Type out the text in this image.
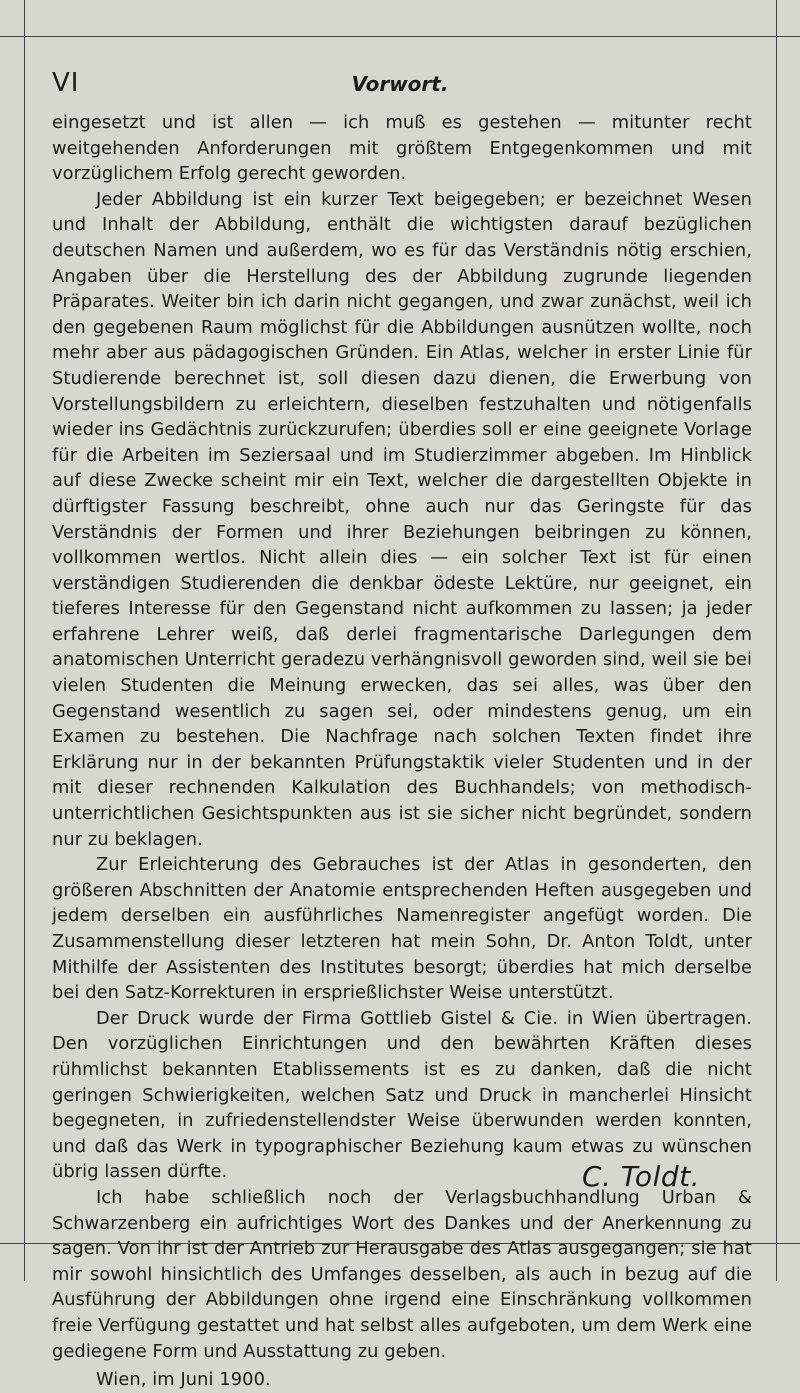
VI	Vorwort.

eingesetzt und ist allen — ich muß es gestehen — mitunter recht weitgehenden Anforderungen mit größtem Entgegenkommen und mit vorzüglichem Erfolg gerecht geworden.

Jeder Abbildung ist ein kurzer Text beigegeben; er bezeichnet Wesen und Inhalt der Abbildung, enthält die wichtigsten darauf bezüglichen deutschen Namen und außerdem, wo es für das Verständnis nötig erschien, Angaben über die Herstellung des der Abbildung zugrunde liegenden Präparates. Weiter bin ich darin nicht gegangen, und zwar zunächst, weil ich den gegebenen Raum möglichst für die Abbildungen ausnützen wollte, noch mehr aber aus pädagogischen Gründen. Ein Atlas, welcher in erster Linie für Studierende berechnet ist, soll diesen dazu dienen, die Erwerbung von Vorstellungsbildern zu erleichtern, dieselben festzuhalten und nötigenfalls wieder ins Gedächtnis zurückzurufen; überdies soll er eine geeignete Vorlage für die Arbeiten im Seziersaal und im Studierzimmer abgeben. Im Hinblick auf diese Zwecke scheint mir ein Text, welcher die dargestellten Objekte in dürftigster Fassung beschreibt, ohne auch nur das Geringste für das Verständnis der Formen und ihrer Beziehungen beibringen zu können, vollkommen wertlos. Nicht allein dies — ein solcher Text ist für einen verständigen Studierenden die denkbar ödeste Lektüre, nur geeignet, ein tieferes Interesse für den Gegenstand nicht aufkommen zu lassen; ja jeder erfahrene Lehrer weiß, daß derlei fragmentarische Darlegungen dem anatomischen Unterricht geradezu verhängnisvoll geworden sind, weil sie bei vielen Studenten die Meinung erwecken, das sei alles, was über den Gegenstand wesentlich zu sagen sei, oder mindestens genug, um ein Examen zu bestehen. Die Nachfrage nach solchen Texten findet ihre Erklärung nur in der bekannten Prüfungstaktik vieler Studenten und in der mit dieser rechnenden Kalkulation des Buchhandels; von methodisch-unterrichtlichen Gesichtspunkten aus ist sie sicher nicht begründet, sondern nur zu beklagen.

Zur Erleichterung des Gebrauches ist der Atlas in gesonderten, den größeren Abschnitten der Anatomie entsprechenden Heften ausgegeben und jedem derselben ein ausführliches Namenregister angefügt worden. Die Zusammenstellung dieser letzteren hat mein Sohn, Dr. Anton Toldt, unter Mithilfe der Assistenten des Institutes besorgt; überdies hat mich derselbe bei den Satz-Korrekturen in ersprießlichster Weise unterstützt.

Der Druck wurde der Firma Gottlieb Gistel & Cie. in Wien übertragen. Den vorzüglichen Einrichtungen und den bewährten Kräften dieses rühmlichst bekannten Etablissements ist es zu danken, daß die nicht geringen Schwierigkeiten, welchen Satz und Druck in mancherlei Hinsicht begegneten, in zufriedenstellendster Weise überwunden werden konnten, und daß das Werk in typographischer Beziehung kaum etwas zu wünschen übrig lassen dürfte.

Ich habe schließlich noch der Verlagsbuchhandlung Urban & Schwarzenberg ein aufrichtiges Wort des Dankes und der Anerkennung zu sagen. Von ihr ist der Antrieb zur Herausgabe des Atlas ausgegangen; sie hat mir sowohl hinsichtlich des Umfanges desselben, als auch in bezug auf die Ausführung der Abbildungen ohne irgend eine Einschränkung vollkommen freie Verfügung gestattet und hat selbst alles aufgeboten, um dem Werk eine gediegene Form und Ausstattung zu geben.

Wien, im Juni 1900.

C. Toldt.
